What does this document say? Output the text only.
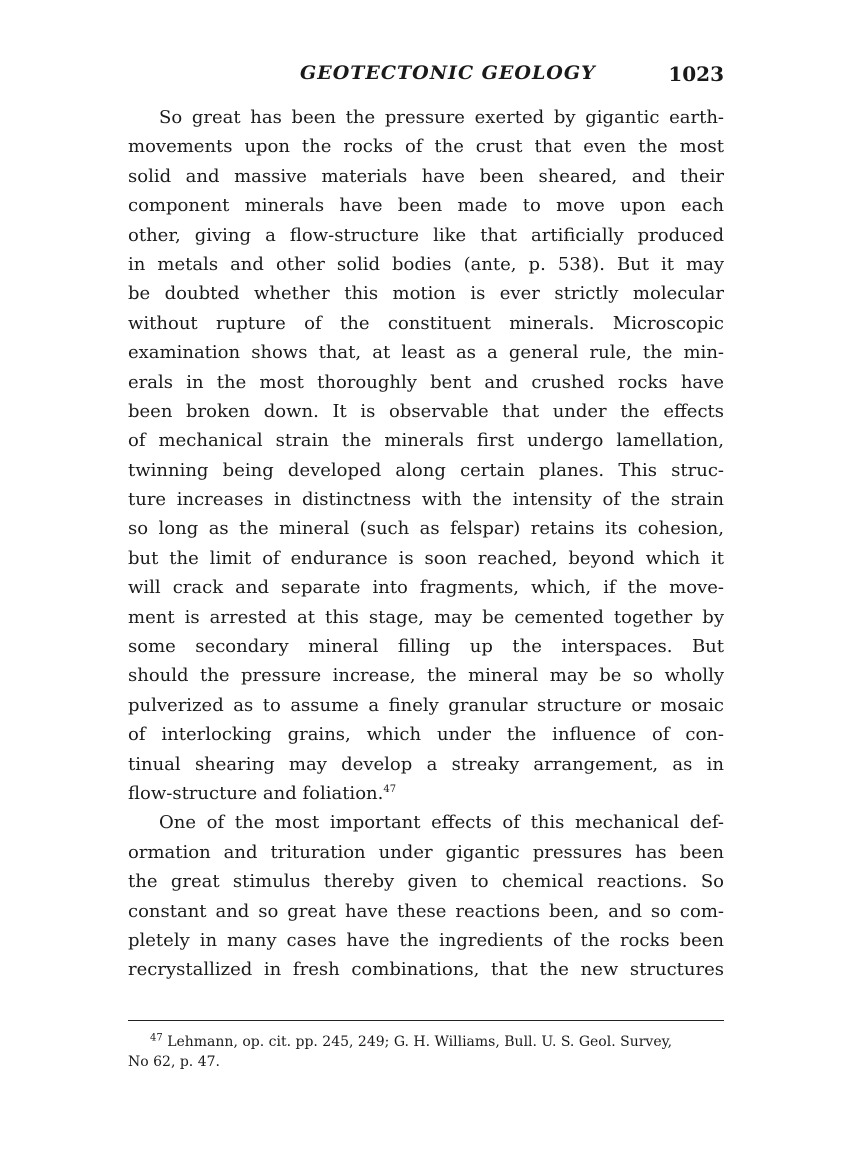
GEOTECTONIC GEOLOGY	1023
So great has been the pressure exerted by gigantic earth-
movements upon the rocks of the crust that even the most
solid and massive materials have been sheared, and their
component minerals have been made to move upon each
other, giving a flow-structure like that artificially produced
in metals and other solid bodies (ante, p. 538). But it may
be doubted whether this motion is ever strictly molecular
without rupture of the constituent minerals. Microscopic
examination shows that, at least as a general rule, the min-
erals in the most thoroughly bent and crushed rocks have
been broken down. It is observable that under the effects
of mechanical strain the minerals first undergo lamellation,
twinning being developed along certain planes. This struc-
ture increases in distinctness with the intensity of the strain
so long as the mineral (such as felspar) retains its cohesion,
but the limit of endurance is soon reached, beyond which it
will crack and separate into fragments, which, if the move-
ment is arrested at this stage, may be cemented together by
some secondary mineral filling up the interspaces. But
should the pressure increase, the mineral may be so wholly
pulverized as to assume a finely granular structure or mosaic
of interlocking grains, which under the influence of con-
tinual shearing may develop a streaky arrangement, as in
flow-structure and foliation.$^{47}$
One of the most important effects of this mechanical def-
ormation and trituration under gigantic pressures has been
the great stimulus thereby given to chemical reactions. So
constant and so great have these reactions been, and so com-
pletely in many cases have the ingredients of the rocks been
recrystallized in fresh combinations, that the new structures
$^{47}$ Lehmann, op. cit. pp. 245, 249; G. H. Williams, Bull. U. S. Geol. Survey,
No 62, p. 47.
